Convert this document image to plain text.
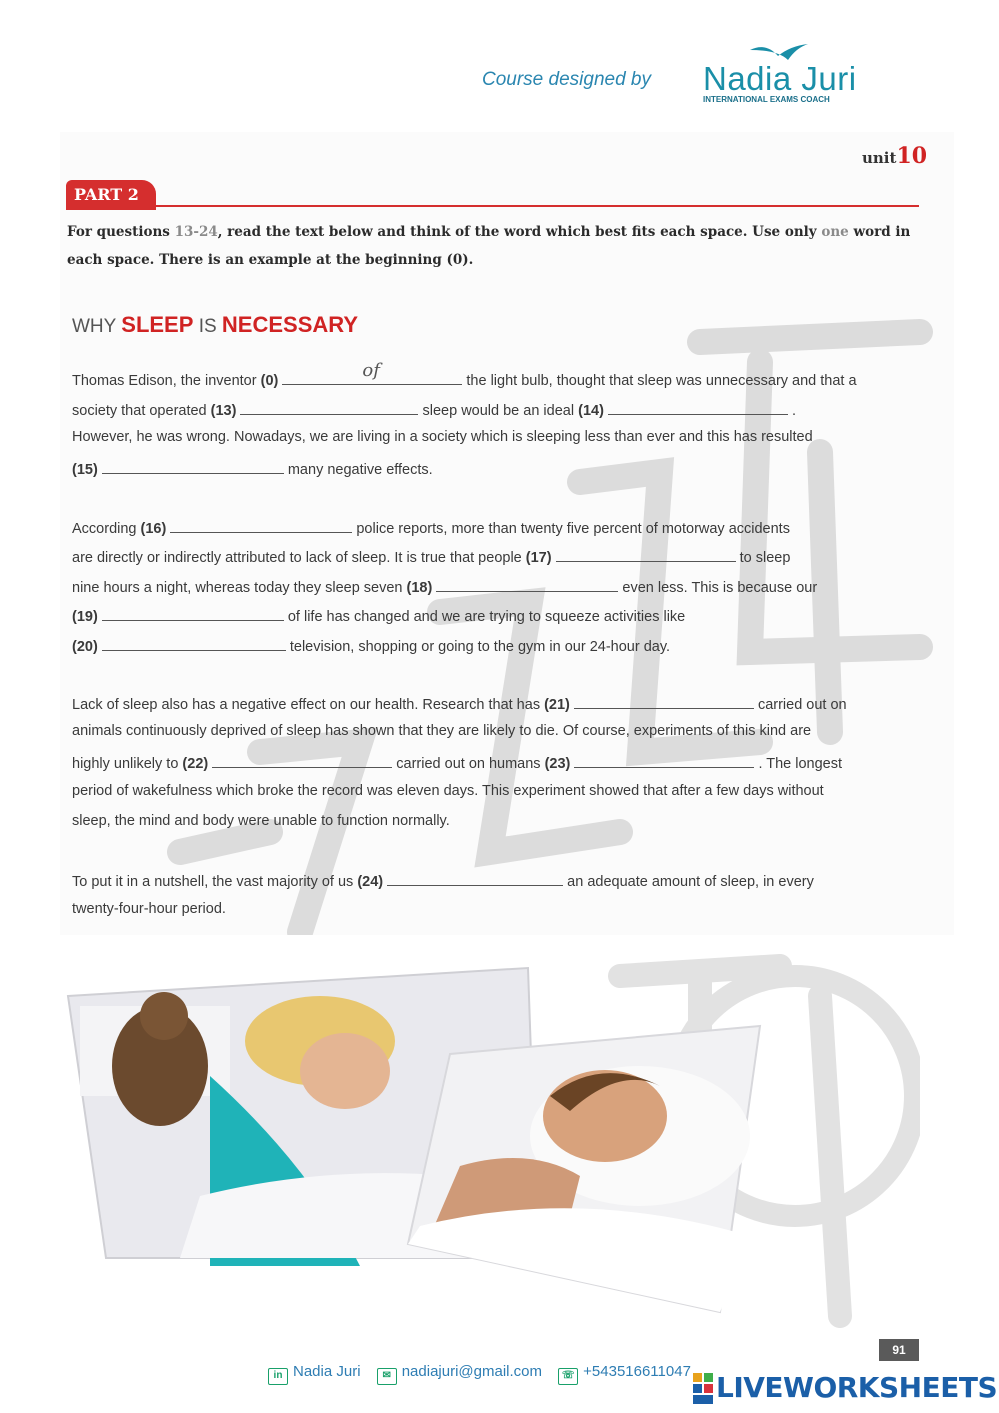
Course designed by Nadia Juri
INTERNATIONAL EXAMS COACH
unit10
PART 2
For questions 13-24, read the text below and think of the word which best fits each space. Use only one word in each space. There is an example at the beginning (0).
WHY SLEEP IS NECESSARY
Thomas Edison, the inventor (0)	of	the light bulb, thought that sleep was unnecessary and that a
society that operated (13)	sleep would be an ideal (14)	.
However, he was wrong. Nowadays, we are living in a society which is sleeping less than ever and this has resulted
(15)	many negative effects.
According (16)	police reports, more than twenty five percent of motorway accidents
are directly or indirectly attributed to lack of sleep. It is true that people (17)	to sleep
nine hours a night, whereas today they sleep seven (18)	even less. This is because our
(19)	of life has changed and we are trying to squeeze activities like
(20)	television, shopping or going to the gym in our 24-hour day.
Lack of sleep also has a negative effect on our health. Research that has (21)	carried out on
animals continuously deprived of sleep has shown that they are likely to die. Of course, experiments of this kind are
highly unlikely to (22)	carried out on humans (23)	. The longest
period of wakefulness which broke the record was eleven days. This experiment showed that after a few days without
sleep, the mind and body were unable to function normally.
To put it in a nutshell, the vast majority of us (24)	an adequate amount of sleep, in every
twenty-four-hour period.
91
in Nadia Juri ✉ nadiajuri@gmail.com ☏ +543516611047 LIVEWORKSHEETS
